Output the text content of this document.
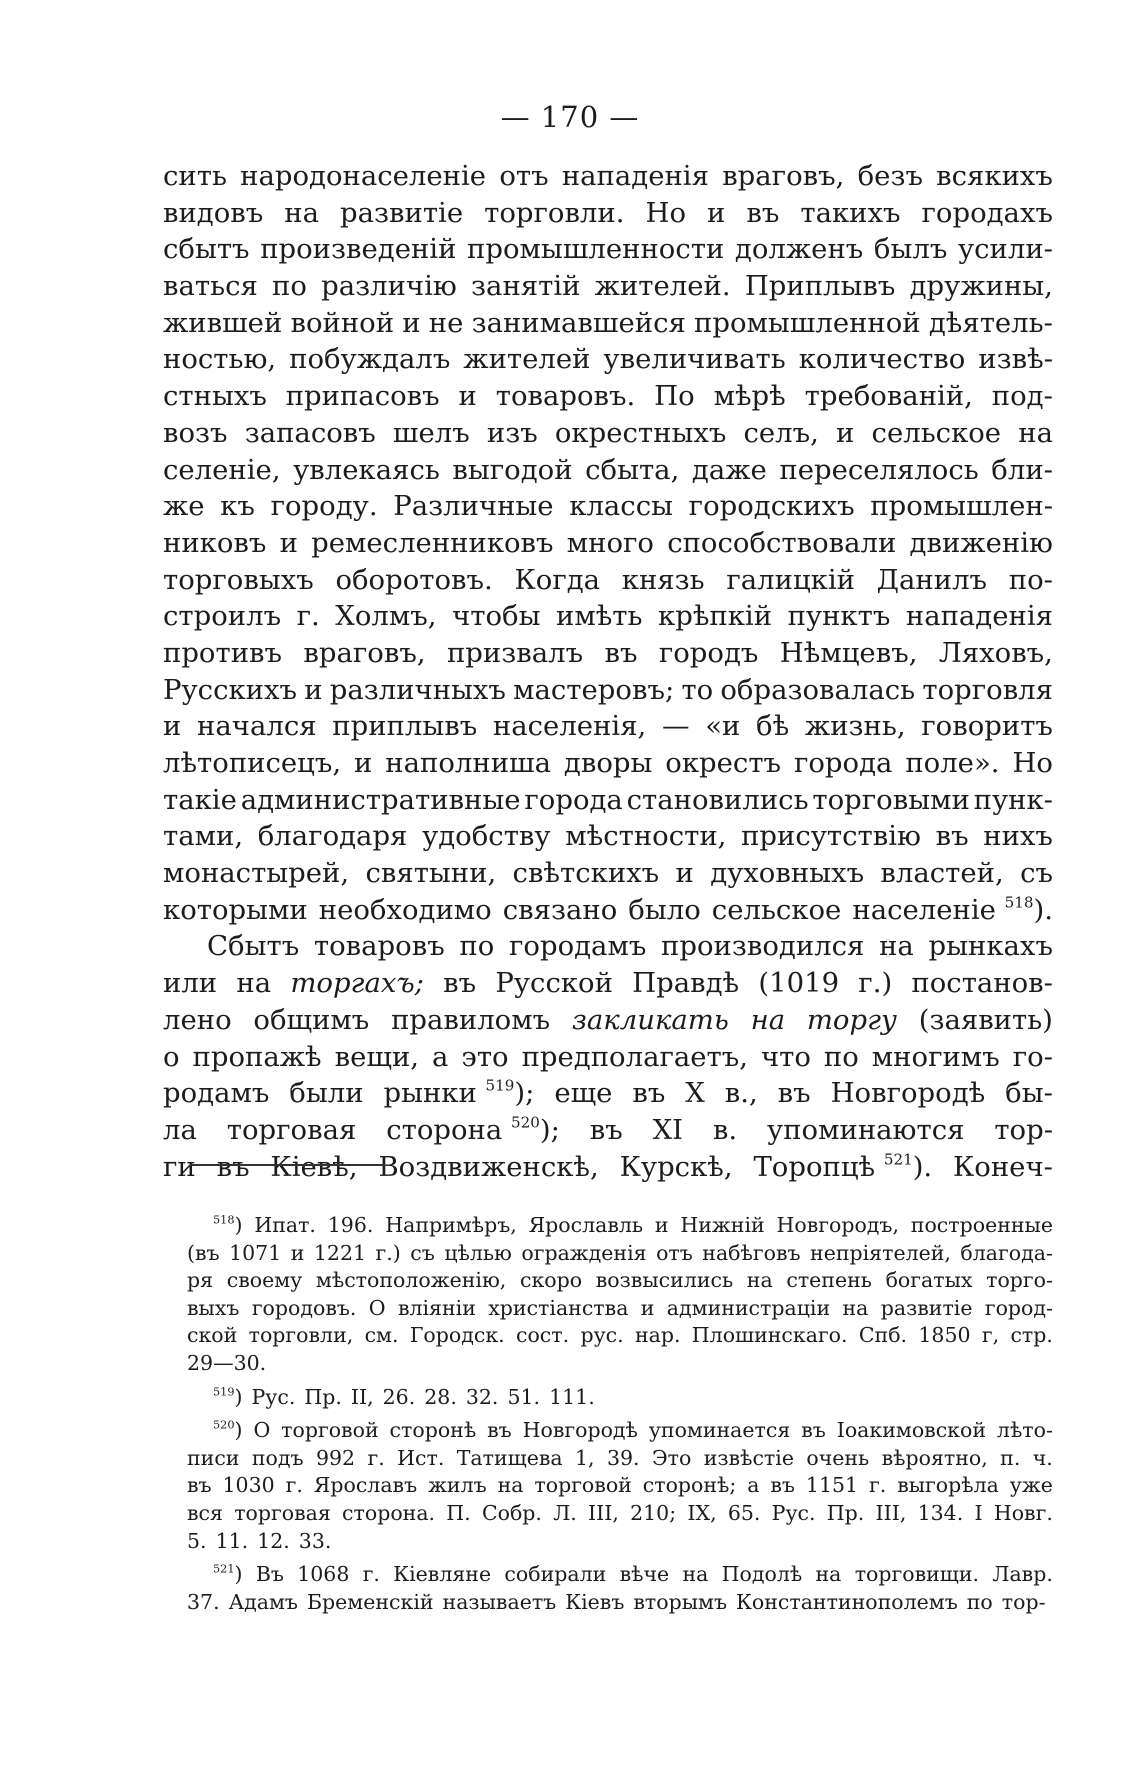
— 170 —
сить народонаселеніе отъ нападенія враговъ, безъ всякихъ
видовъ на развитіе торговли. Но и въ такихъ городахъ
сбытъ произведеній промышленности долженъ былъ усили-
ваться по различію занятій жителей. Приплывъ дружины,
жившей войной и не занимавшейся промышленной дѣятель-
ностью, побуждалъ жителей увеличивать количество извѣ-
стныхъ припасовъ и товаровъ. По мѣрѣ требованій, под-
возъ запасовъ шелъ изъ окрестныхъ селъ, и сельское на
селеніе, увлекаясь выгодой сбыта, даже переселялось бли-
же къ городу. Различные классы городскихъ промышлен-
никовъ и ремесленниковъ много способствовали движенію
торговыхъ оборотовъ. Когда князь галицкій Данилъ по-
строилъ г. Холмъ, чтобы имѣть крѣпкій пунктъ нападенія
противъ враговъ, призвалъ въ городъ Нѣмцевъ, Ляховъ,
Русскихъ и различныхъ мастеровъ; то образовалась торговля
и начался приплывъ населенія, — «и бѣ жизнь, говоритъ
лѣтописецъ, и наполниша дворы окрестъ города поле». Но
такіе административные города становились торговыми пунк-
тами, благодаря удобству мѣстности, присутствію въ нихъ
монастырей, святыни, свѣтскихъ и духовныхъ властей, съ
которыми необходимо связано было сельское населеніе $^{518}$).
Сбытъ товаровъ по городамъ производился на рынкахъ
или на торгахъ; въ Русской Правдѣ (1019 г.) постанов-
лено общимъ правиломъ закликать на торгу (заявить)
о пропажѣ вещи, а это предполагаетъ, что по многимъ го-
родамъ были рынки $^{519}$); еще въ X в., въ Новгородѣ бы-
ла торговая сторона $^{520}$); въ XI в. упоминаются тор-
ги въ Кіевѣ, Воздвиженскѣ, Курскѣ, Торопцѣ $^{521}$). Конеч-
$^{518}$) Ипат. 196. Напримѣръ, Ярославль и Нижній Новгородъ, построенные
(въ 1071 и 1221 г.) съ цѣлью огражденія отъ набѣговъ непріятелей, благода-
ря своему мѣстоположенію, скоро возвысились на степень богатых торго-
выхъ городовъ. О вліяніи христіанства и администраціи на развитіе город-
ской торговли, см. Городск. сост. рус. нар. Плошинскаго. Спб. 1850 г, стр.
29—30.
$^{519}$) Рус. Пр. II, 26. 28. 32. 51. 111.
$^{520}$) О торговой сторонѣ въ Новгородѣ упоминается въ Іоакимовской лѣто-
писи подъ 992 г. Ист. Татищева 1, 39. Это извѣстіе очень вѣроятно, п. ч.
въ 1030 г. Ярославъ жилъ на торговой сторонѣ; а въ 1151 г. выгорѣла уже
вся торговая сторона. П. Собр. Л. III, 210; IX, 65. Рус. Пр. III, 134. I Новг.
5. 11. 12. 33.
$^{521}$) Въ 1068 г. Кіевляне собирали вѣче на Подолѣ на торговищи. Лавр.
37. Адамъ Бременскій называетъ Кіевъ вторымъ Константинополемъ по тор-
